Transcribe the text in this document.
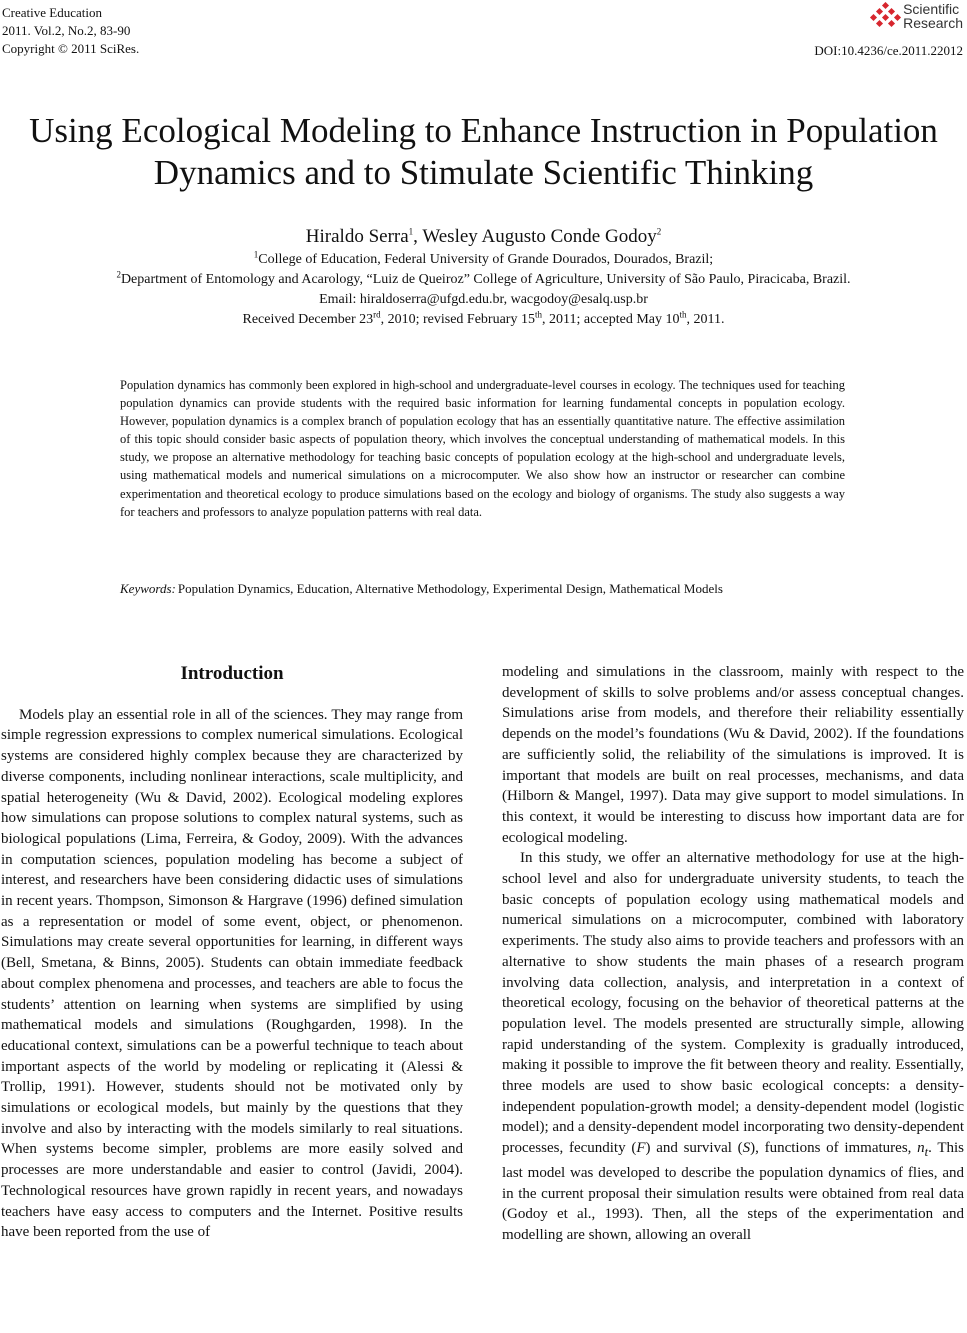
Creative Education
2011. Vol.2, No.2, 83-90
Copyright © 2011 SciRes.
Scientific
Research
DOI:10.4236/ce.2011.22012
Using Ecological Modeling to Enhance Instruction in Population
Dynamics and to Stimulate Scientific Thinking
Hiraldo Serra$^1$, Wesley Augusto Conde Godoy$^2$
$^1$College of Education, Federal University of Grande Dourados, Dourados, Brazil;
$^2$Department of Entomology and Acarology, “Luiz de Queiroz” College of Agriculture, University of São Paulo, Piracicaba, Brazil.
Email: hiraldoserra@ufgd.edu.br, wacgodoy@esalq.usp.br
Received December 23rd, 2010; revised February 15th, 2011; accepted May 10th, 2011.

Population dynamics has commonly been explored in high-school and undergraduate-level courses in ecology. The techniques used for teaching population dynamics can provide students with the required basic information for learning fundamental concepts in population ecology. However, population dynamics is a complex branch of population ecology that has an essentially quantitative nature. The effective assimilation of this topic should consider basic aspects of population theory, which involves the conceptual understanding of mathematical models. In this study, we propose an alternative methodology for teaching basic concepts of population ecology at the high-school and undergraduate levels, using mathematical models and numerical simulations on a microcomputer. We also show how an instructor or researcher can combine experimentation and theoretical ecology to produce simulations based on the ecology and biology of organisms. The study also suggests a way for teachers and professors to analyze population patterns with real data.

Keywords: Population Dynamics, Education, Alternative Methodology, Experimental Design, Mathematical Models
Introduction

Models play an essential role in all of the sciences. They may range from simple regression expressions to complex numerical simulations. Ecological systems are considered highly complex because they are characterized by diverse components, including nonlinear interactions, scale multiplicity, and spatial heterogeneity (Wu & David, 2002). Ecological modeling explores how simulations can propose solutions to complex natural systems, such as biological populations (Lima, Ferreira, & Godoy, 2009). With the advances in computation sciences, population modeling has become a subject of interest, and researchers have been considering didactic uses of simulations in recent years. Thompson, Simonson & Hargrave (1996) defined simulation as a representation or model of some event, object, or phenomenon. Simulations may create several opportunities for learning, in different ways (Bell, Smetana, & Binns, 2005). Students can obtain immediate feedback about complex phenomena and processes, and teachers are able to focus the students’ attention on learning when systems are simplified by using mathematical models and simulations (Roughgarden, 1998). In the educational context, simulations can be a powerful technique to teach about important aspects of the world by modeling or replicating it (Alessi & Trollip, 1991). However, students should not be motivated only by simulations or ecological models, but mainly by the questions that they involve and also by interacting with the models similarly to real situations. When systems become simpler, problems are more easily solved and processes are more understandable and easier to control (Javidi, 2004). Technological resources have grown rapidly in recent years, and nowadays teachers have easy access to computers and the Internet. Positive results have been reported from the use of

modeling and simulations in the classroom, mainly with respect to the development of skills to solve problems and/or assess conceptual changes. Simulations arise from models, and therefore their reliability essentially depends on the model’s foundations (Wu & David, 2002). If the foundations are sufficiently solid, the reliability of the simulations is improved. It is important that models are built on real processes, mechanisms, and data (Hilborn & Mangel, 1997). Data may give support to model simulations. In this context, it would be interesting to discuss how important data are for ecological modeling.

In this study, we offer an alternative methodology for use at the high-school level and also for undergraduate university students, to teach the basic concepts of population ecology using mathematical models and numerical simulations on a microcomputer, combined with laboratory experiments. The study also aims to provide teachers and professors with an alternative to show students the main phases of a research program involving data collection, analysis, and interpretation in a context of theoretical ecology, focusing on the behavior of theoretical patterns at the population level. The models presented are structurally simple, allowing rapid understanding of the system. Complexity is gradually introduced, making it possible to improve the fit between theory and reality. Essentially, three models are used to show basic ecological concepts: a density-independent population-growth model; a density-dependent model (logistic model); and a density-dependent model incorporating two density-dependent processes, fecundity (F) and survival (S), functions of immatures, $n_t$. This last model was developed to describe the population dynamics of flies, and in the current proposal their simulation results were obtained from real data (Godoy et al., 1993). Then, all the steps of the experimentation and modelling are shown, allowing an overall
